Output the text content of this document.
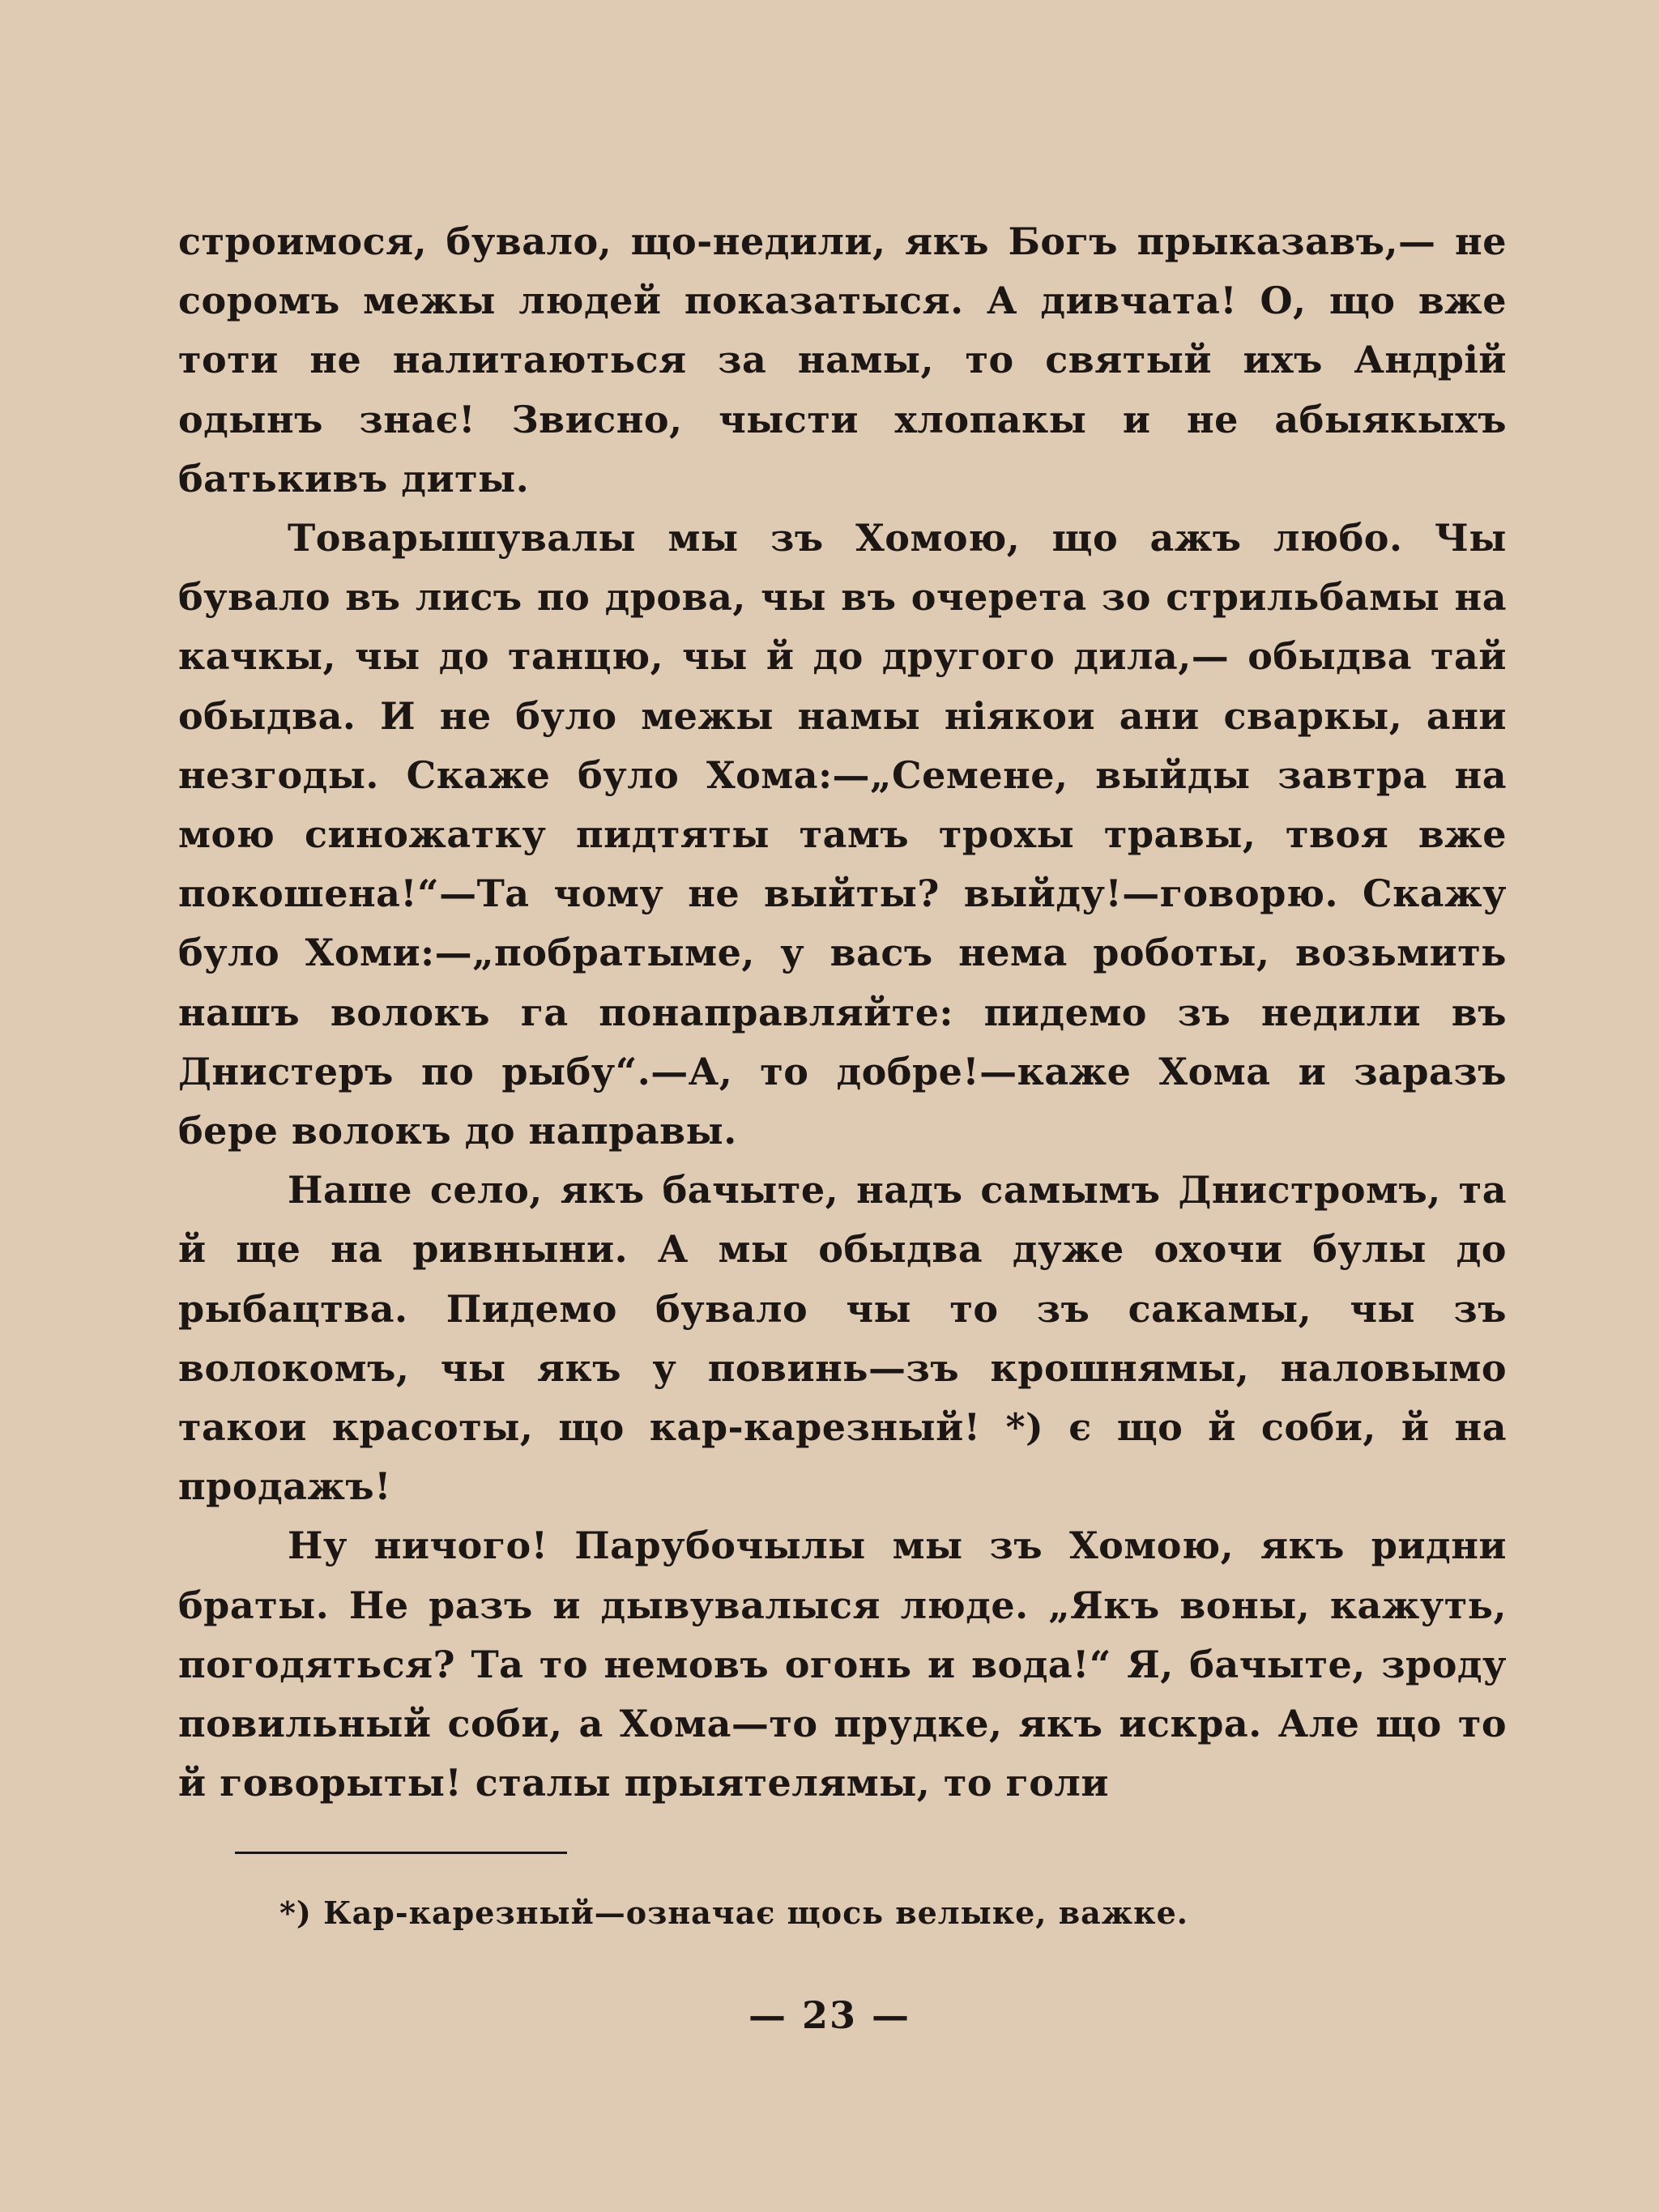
строимося, бувало, що-недили, якъ Богъ прыказавъ,— не соромъ межы людей показатыся. А дивчата! О, що вже тоти не налитаються за намы, то святый ихъ Андрій одынъ знає! Звисно, чысти хлопакы и не абыякыхъ батькивъ диты.

Товарышувалы мы зъ Хомою, що ажъ любо. Чы бувало въ лисъ по дрова, чы въ очерета зо стрильбамы на качкы, чы до танцю, чы й до другого дила,— обыдва тай обыдва. И не було межы намы ніякои ани сваркы, ани незгоды. Скаже було Хома:—„Семене, выйды завтра на мою синожатку пидтяты тамъ трохы травы, твоя вже покошена!“—Та чому не выйты? выйду!—говорю. Скажу було Хоми:—„побратыме, у васъ нема роботы, возьмить нашъ волокъ га понаправляйте: пидемо зъ недили въ Днистеръ по рыбу“.—А, то добре!—каже Хома и заразъ бере волокъ до направы.

Наше село, якъ бачыте, надъ самымъ Днистромъ, та й ще на ривныни. А мы обыдва дуже охочи булы до рыбацтва. Пидемо бувало чы то зъ сакамы, чы зъ волокомъ, чы якъ у повинь—зъ крошнямы, наловымо такои красоты, що кар-карезный! *) є що й соби, й на продажъ!

Ну ничого! Парубочылы мы зъ Хомою, якъ ридни браты. Не разъ и дывувалыся люде. „Якъ воны, кажуть, погодяться? Та то немовъ огонь и вода!“ Я, бачыте, зроду повильный соби, а Хома—то прудке, якъ искра. Але що то й говорыты! сталы прыятелямы, то голи

*) Кар-карезный—означає щось велыке, важке.
— 23 —
